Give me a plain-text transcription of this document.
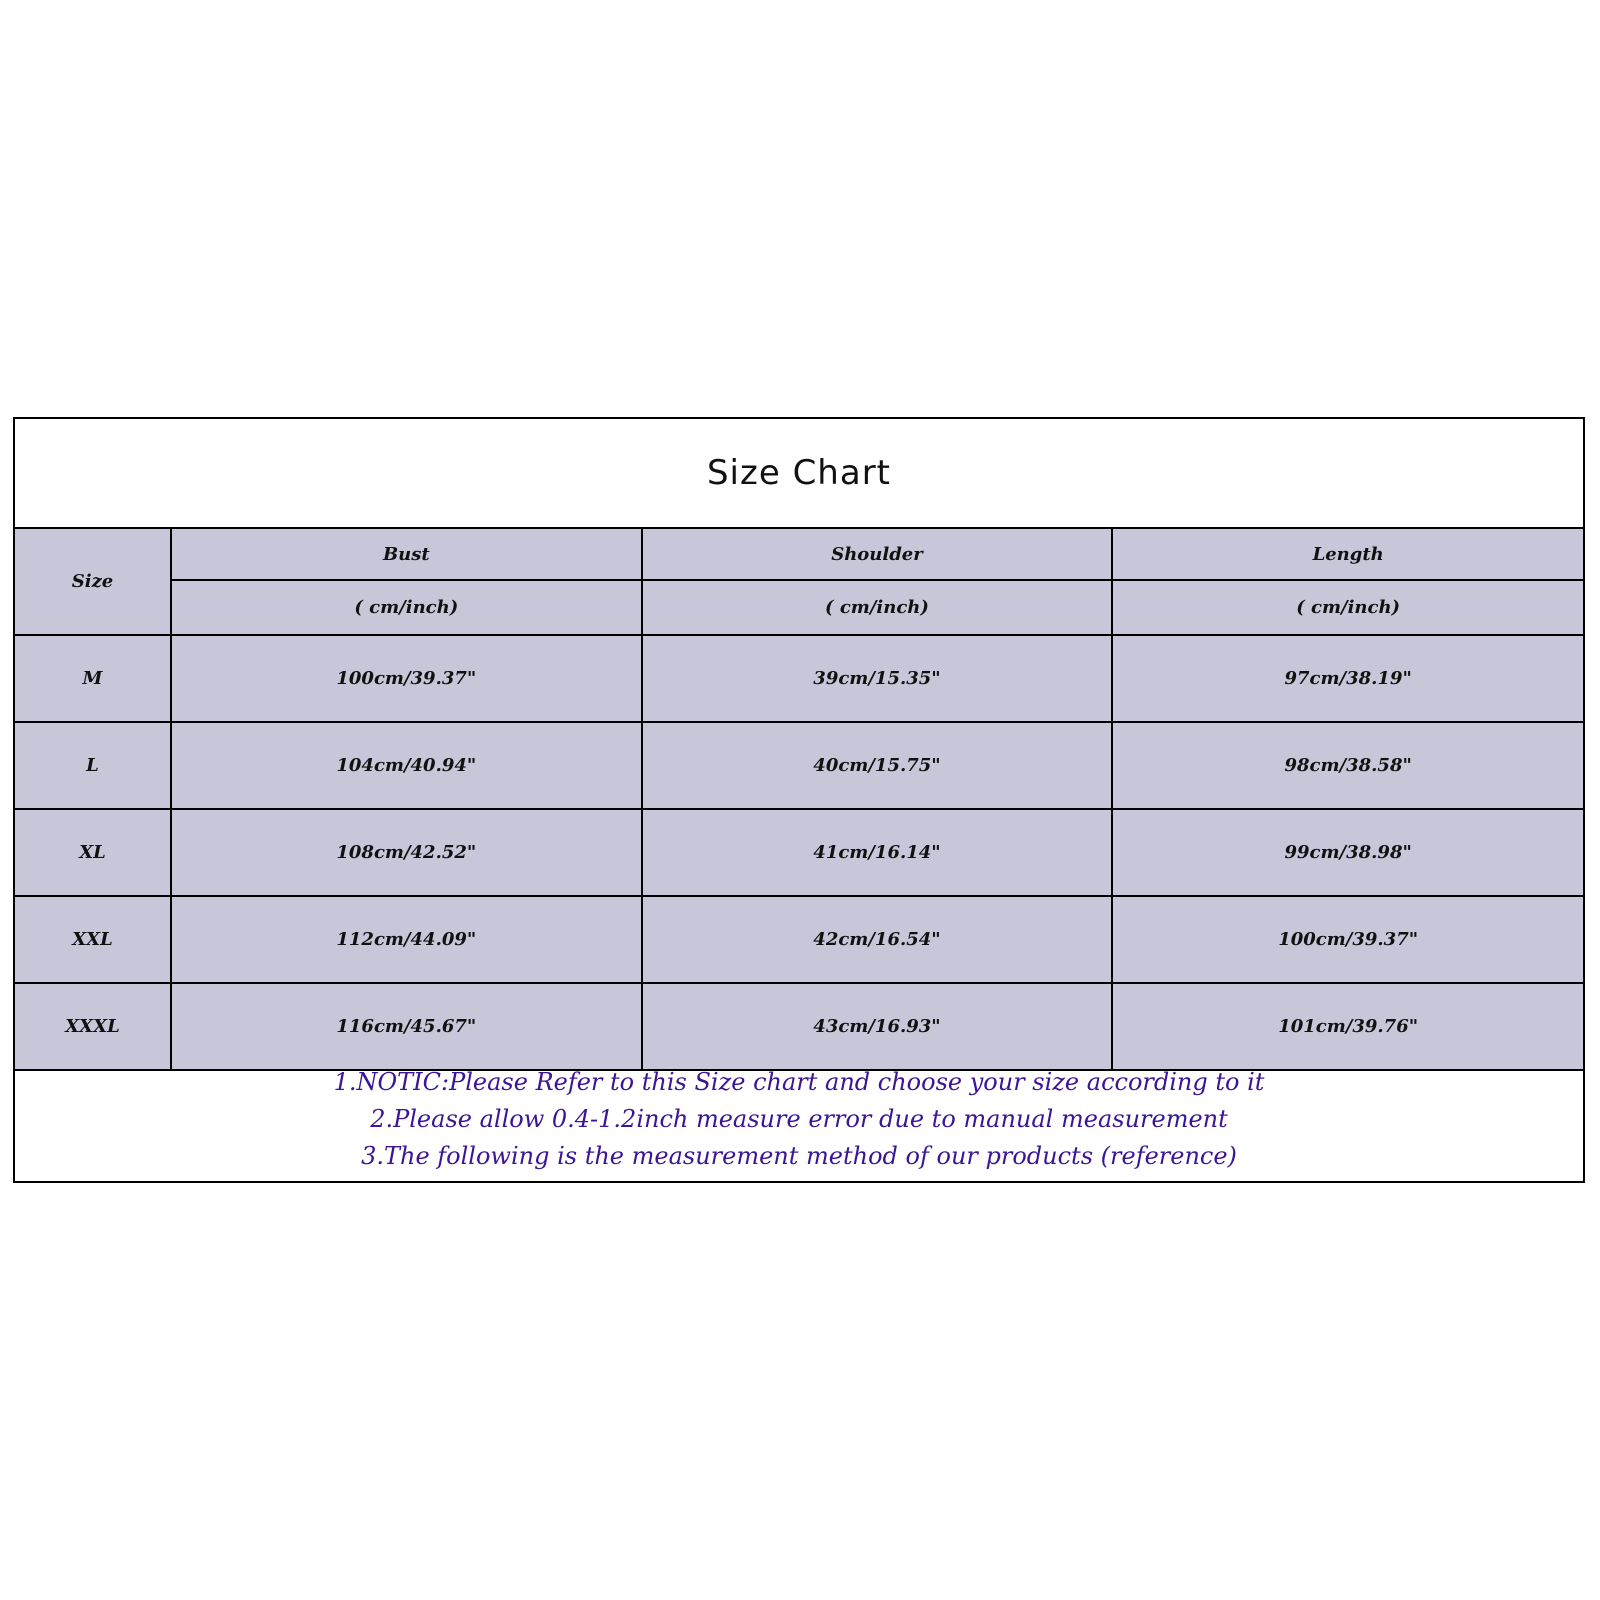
Size Chart
Size	Bust	Shoulder	Length
	( cm/inch)	( cm/inch)	( cm/inch)
M	100cm/39.37"	39cm/15.35"	97cm/38.19"
L	104cm/40.94"	40cm/15.75"	98cm/38.58"
XL	108cm/42.52"	41cm/16.14"	99cm/38.98"
XXL	112cm/44.09"	42cm/16.54"	100cm/39.37"
XXXL	116cm/45.67"	43cm/16.93"	101cm/39.76"
1.NOTIC:Please Refer to this Size chart and choose your size according to it
2.Please allow 0.4-1.2inch measure error due to manual measurement
3.The following is the measurement method of our products (reference)
